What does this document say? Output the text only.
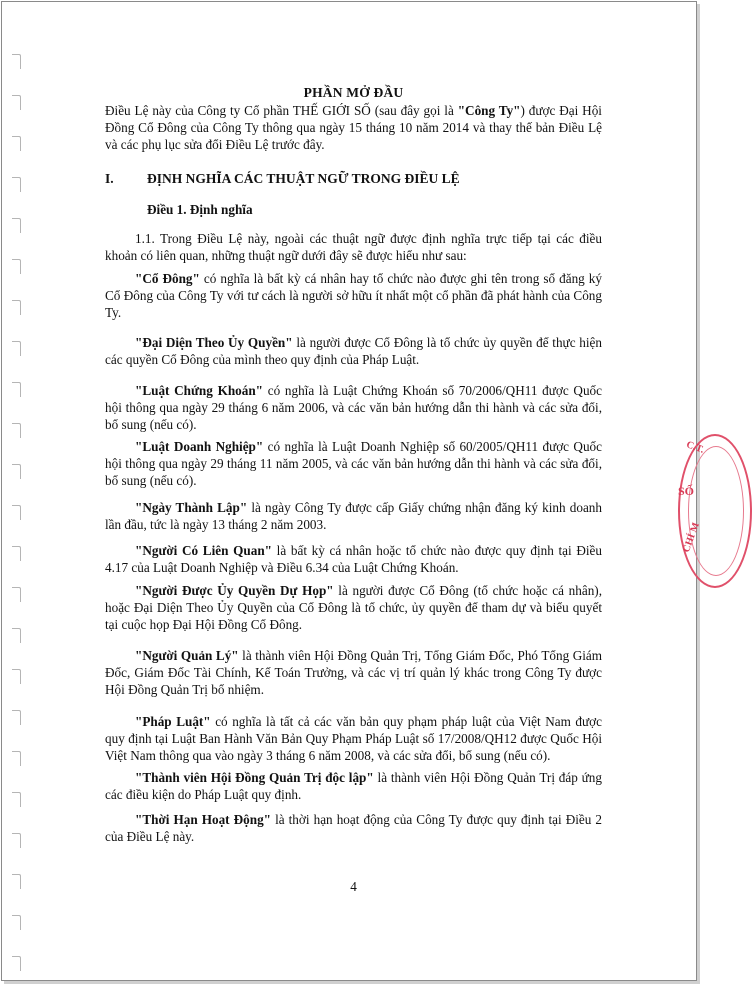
PHẦN MỞ ĐẦU
Điều Lệ này của Công ty Cổ phần THẾ GIỚI SỐ (sau đây gọi là "Công Ty") được Đại Hội Đồng Cổ Đông của Công Ty thông qua ngày 15 tháng 10 năm 2014 và thay thế bản Điều Lệ và các phụ lục sửa đổi Điều Lệ trước đây.
I. ĐỊNH NGHĨA CÁC THUẬT NGỮ TRONG ĐIỀU LỆ
Điều 1. Định nghĩa
1.1. Trong Điều Lệ này, ngoài các thuật ngữ được định nghĩa trực tiếp tại các điều khoản có liên quan, những thuật ngữ dưới đây sẽ được hiểu như sau:
"Cổ Đông" có nghĩa là bất kỳ cá nhân hay tổ chức nào được ghi tên trong sổ đăng ký Cổ Đông của Công Ty với tư cách là người sở hữu ít nhất một cổ phần đã phát hành của Công Ty.
"Đại Diện Theo Ủy Quyền" là người được Cổ Đông là tổ chức ủy quyền để thực hiện các quyền Cổ Đông của mình theo quy định của Pháp Luật.
"Luật Chứng Khoán" có nghĩa là Luật Chứng Khoán số 70/2006/QH11 được Quốc hội thông qua ngày 29 tháng 6 năm 2006, và các văn bản hướng dẫn thi hành và các sửa đổi, bổ sung (nếu có).
"Luật Doanh Nghiệp" có nghĩa là Luật Doanh Nghiệp số 60/2005/QH11 được Quốc hội thông qua ngày 29 tháng 11 năm 2005, và các văn bản hướng dẫn thi hành và các sửa đổi, bổ sung (nếu có).
"Ngày Thành Lập" là ngày Công Ty được cấp Giấy chứng nhận đăng ký kinh doanh lần đầu, tức là ngày 13 tháng 2 năm 2003.
"Người Có Liên Quan" là bất kỳ cá nhân hoặc tổ chức nào được quy định tại Điều 4.17 của Luật Doanh Nghiệp và Điều 6.34 của Luật Chứng Khoán.
"Người Được Ủy Quyền Dự Họp" là người được Cổ Đông (tổ chức hoặc cá nhân), hoặc Đại Diện Theo Ủy Quyền của Cổ Đông là tổ chức, ủy quyền để tham dự và biểu quyết tại cuộc họp Đại Hội Đồng Cổ Đông.
"Người Quản Lý" là thành viên Hội Đồng Quản Trị, Tổng Giám Đốc, Phó Tổng Giám Đốc, Giám Đốc Tài Chính, Kế Toán Trưởng, và các vị trí quản lý khác trong Công Ty được Hội Đồng Quản Trị bổ nhiệm.
"Pháp Luật" có nghĩa là tất cả các văn bản quy phạm pháp luật của Việt Nam được quy định tại Luật Ban Hành Văn Bản Quy Phạm Pháp Luật số 17/2008/QH12 được Quốc Hội Việt Nam thông qua vào ngày 3 tháng 6 năm 2008, và các sửa đổi, bổ sung (nếu có).
"Thành viên Hội Đồng Quản Trị độc lập" là thành viên Hội Đồng Quản Trị đáp ứng các điều kiện do Pháp Luật quy định.
"Thời Hạn Hoạt Động" là thời hạn hoạt động của Công Ty được quy định tại Điều 2 của Điều Lệ này.
4
C.T.
SỐ
CHÍ M
